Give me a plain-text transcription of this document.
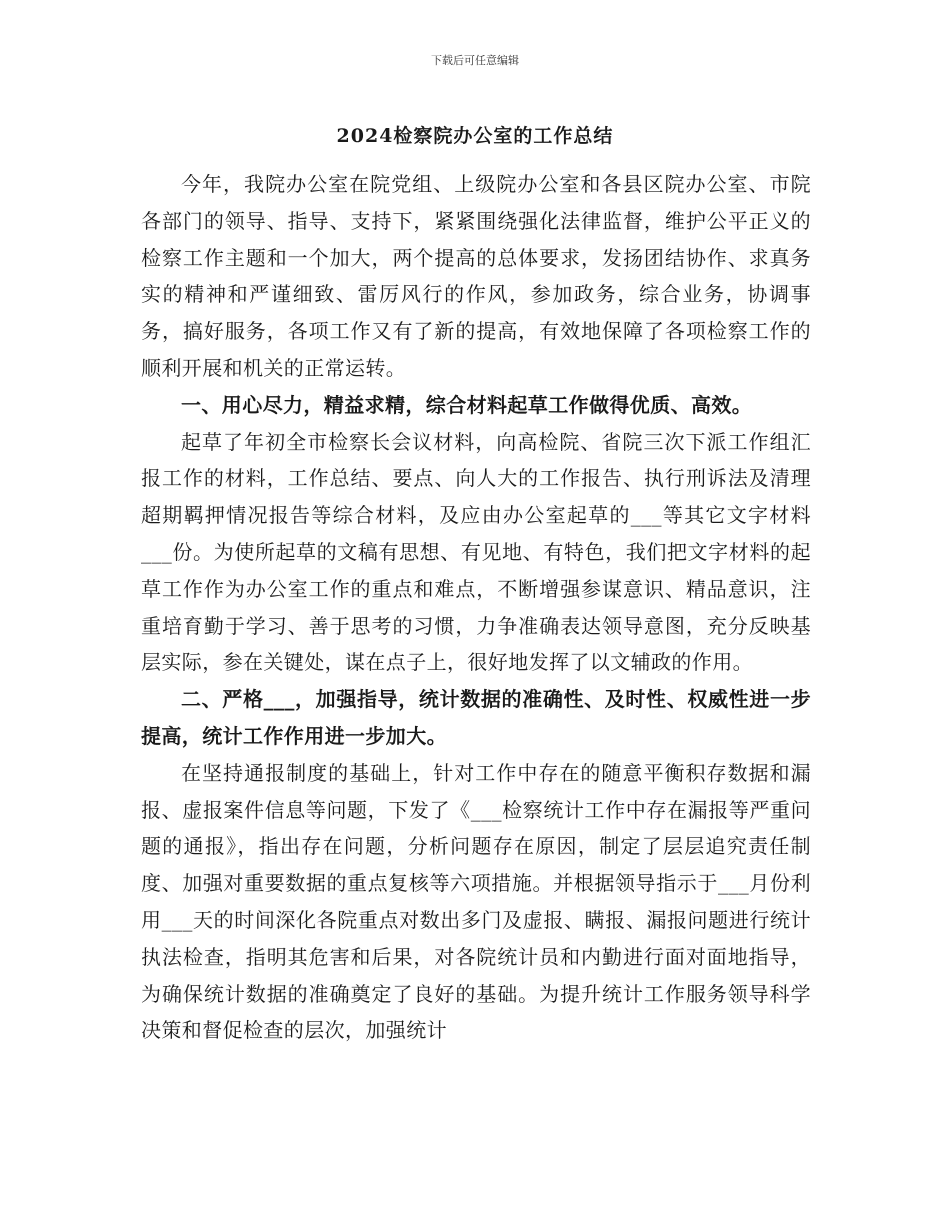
下载后可任意编辑
2024检察院办公室的工作总结

今年，我院办公室在院党组、上级院办公室和各县区院办公室、市院各部门的领导、指导、支持下，紧紧围绕强化法律监督，维护公平正义的检察工作主题和一个加大，两个提高的总体要求，发扬团结协作、求真务实的精神和严谨细致、雷厉风行的作风，参加政务，综合业务，协调事务，搞好服务，各项工作又有了新的提高，有效地保障了各项检察工作的顺利开展和机关的正常运转。

一、用心尽力，精益求精，综合材料起草工作做得优质、高效。

起草了年初全市检察长会议材料，向高检院、省院三次下派工作组汇报工作的材料，工作总结、要点、向人大的工作报告、执行刑诉法及清理超期羁押情况报告等综合材料，及应由办公室起草的___等其它文字材料___份。为使所起草的文稿有思想、有见地、有特色，我们把文字材料的起草工作作为办公室工作的重点和难点，不断增强参谋意识、精品意识，注重培育勤于学习、善于思考的习惯，力争准确表达领导意图，充分反映基层实际，参在关键处，谋在点子上，很好地发挥了以文辅政的作用。

二、严格___，加强指导，统计数据的准确性、及时性、权威性进一步提高，统计工作作用进一步加大。

在坚持通报制度的基础上，针对工作中存在的随意平衡积存数据和漏报、虚报案件信息等问题，下发了《___检察统计工作中存在漏报等严重问题的通报》，指出存在问题，分析问题存在原因，制定了层层追究责任制度、加强对重要数据的重点复核等六项措施。并根据领导指示于___月份利用___天的时间深化各院重点对数出多门及虚报、瞒报、漏报问题进行统计执法检查，指明其危害和后果，对各院统计员和内勤进行面对面地指导，为确保统计数据的准确奠定了良好的基础。为提升统计工作服务领导科学决策和督促检查的层次，加强统计
